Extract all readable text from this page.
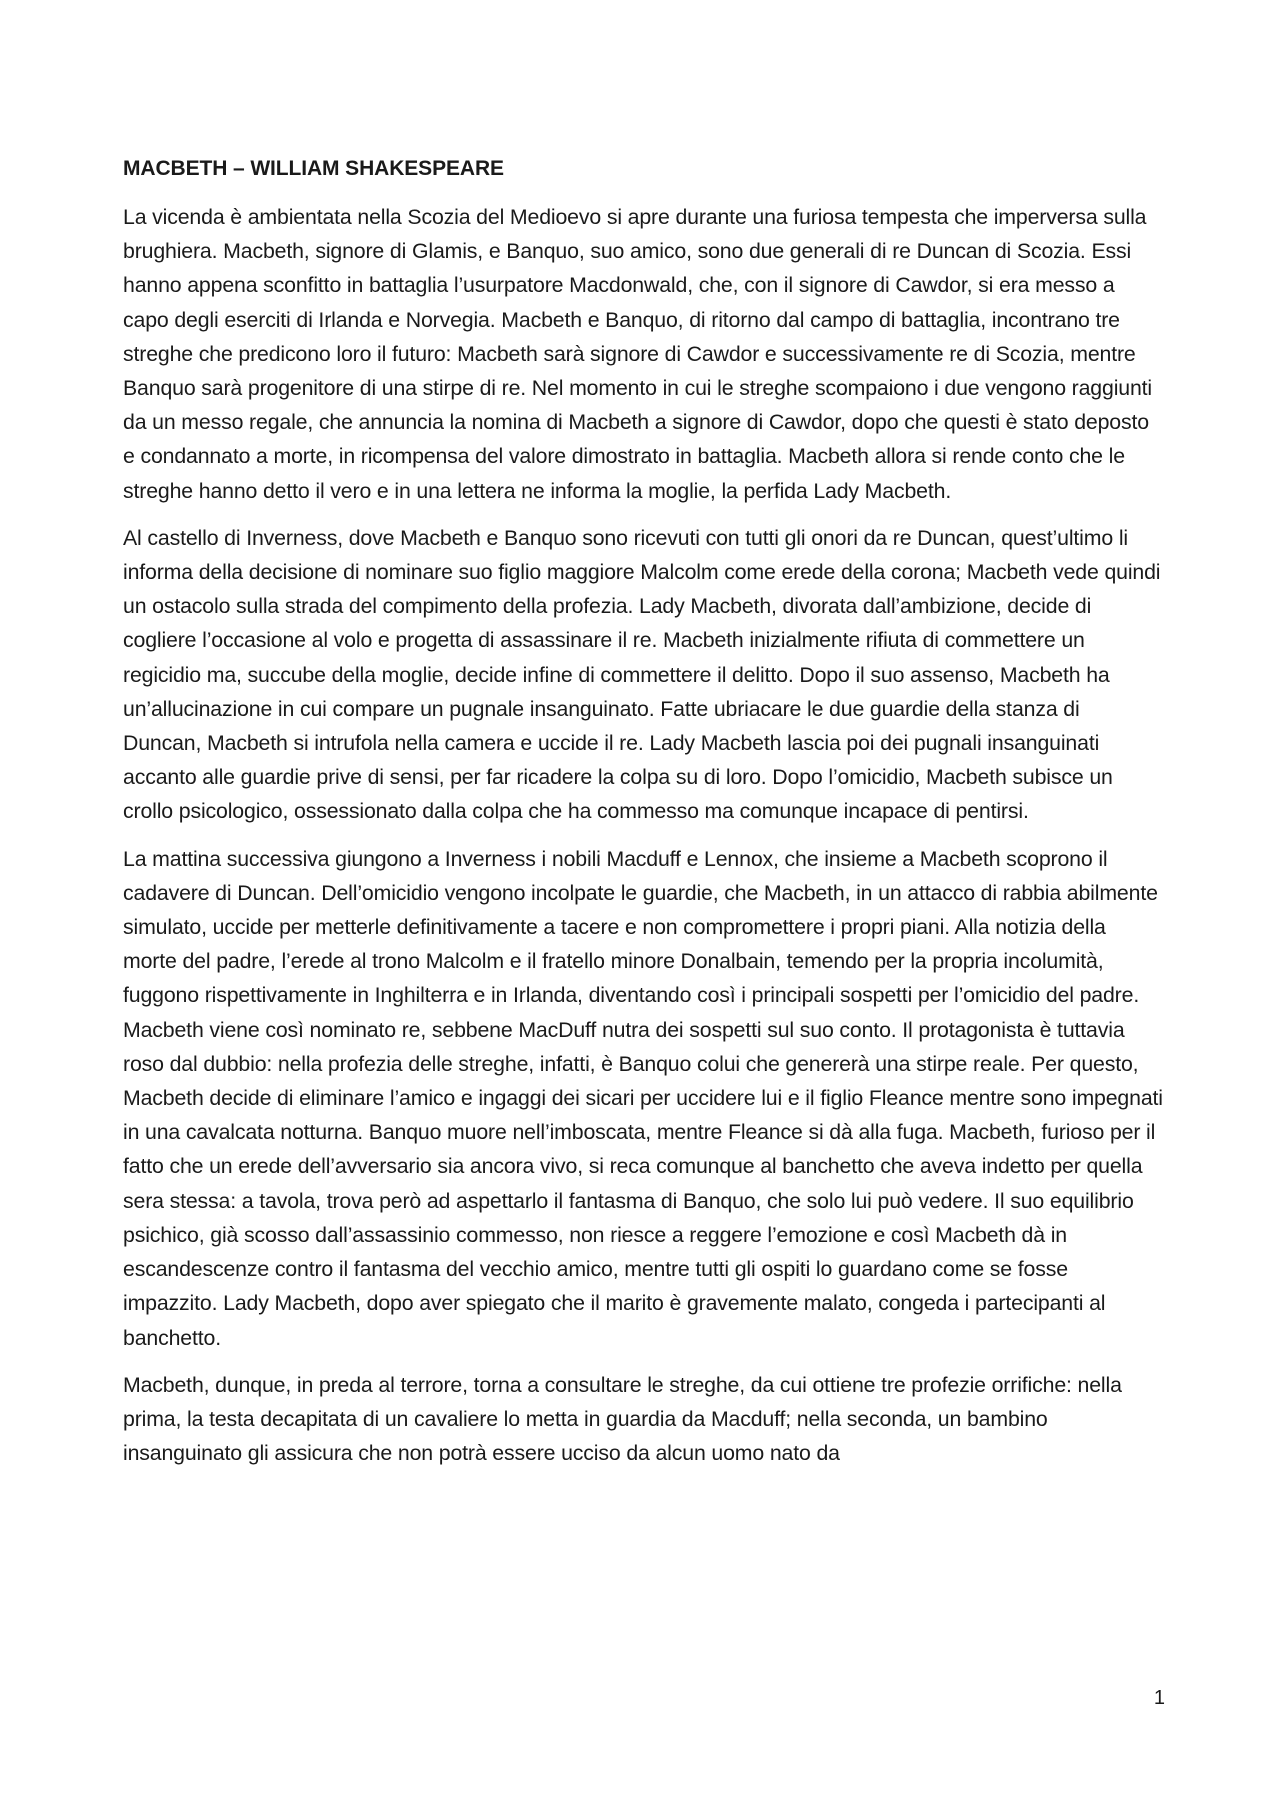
MACBETH – WILLIAM SHAKESPEARE

La vicenda è ambientata nella Scozia del Medioevo si apre durante una furiosa tempesta che imperversa sulla brughiera. Macbeth, signore di Glamis, e Banquo, suo amico, sono due generali di re Duncan di Scozia. Essi hanno appena sconfitto in battaglia l’usurpatore Macdonwald, che, con il signore di Cawdor, si era messo a capo degli eserciti di Irlanda e Norvegia. Macbeth e Banquo, di ritorno dal campo di battaglia, incontrano tre streghe che predicono loro il futuro: Macbeth sarà signore di Cawdor e successivamente re di Scozia, mentre Banquo sarà progenitore di una stirpe di re. Nel momento in cui le streghe scompaiono i due vengono raggiunti da un messo regale, che annuncia la nomina di Macbeth a signore di Cawdor, dopo che questi è stato deposto e condannato a morte, in ricompensa del valore dimostrato in battaglia. Macbeth allora si rende conto che le streghe hanno detto il vero e in una lettera ne informa la moglie, la perfida Lady Macbeth.

Al castello di Inverness, dove Macbeth e Banquo sono ricevuti con tutti gli onori da re Duncan, quest’ultimo li informa della decisione di nominare suo figlio maggiore Malcolm come erede della corona; Macbeth vede quindi un ostacolo sulla strada del compimento della profezia. Lady Macbeth, divorata dall’ambizione, decide di cogliere l’occasione al volo e progetta di assassinare il re. Macbeth inizialmente rifiuta di commettere un regicidio ma, succube della moglie, decide infine di commettere il delitto. Dopo il suo assenso, Macbeth ha un’allucinazione in cui compare un pugnale insanguinato. Fatte ubriacare le due guardie della stanza di Duncan, Macbeth si intrufola nella camera e uccide il re. Lady Macbeth lascia poi dei pugnali insanguinati accanto alle guardie prive di sensi, per far ricadere la colpa su di loro. Dopo l’omicidio, Macbeth subisce un crollo psicologico, ossessionato dalla colpa che ha commesso ma comunque incapace di pentirsi.

La mattina successiva giungono a Inverness i nobili Macduff e Lennox, che insieme a Macbeth scoprono il cadavere di Duncan. Dell’omicidio vengono incolpate le guardie, che Macbeth, in un attacco di rabbia abilmente simulato, uccide per metterle definitivamente a tacere e non compromettere i propri piani. Alla notizia della morte del padre, l’erede al trono Malcolm e il fratello minore Donalbain, temendo per la propria incolumità, fuggono rispettivamente in Inghilterra e in Irlanda, diventando così i principali sospetti per l’omicidio del padre. Macbeth viene così nominato re, sebbene MacDuff nutra dei sospetti sul suo conto. Il protagonista è tuttavia roso dal dubbio: nella profezia delle streghe, infatti, è Banquo colui che genererà una stirpe reale. Per questo, Macbeth decide di eliminare l’amico e ingaggi dei sicari per uccidere lui e il figlio Fleance mentre sono impegnati in una cavalcata notturna. Banquo muore nell’imboscata, mentre Fleance si dà alla fuga. Macbeth, furioso per il fatto che un erede dell’avversario sia ancora vivo, si reca comunque al banchetto che aveva indetto per quella sera stessa: a tavola, trova però ad aspettarlo il fantasma di Banquo, che solo lui può vedere. Il suo equilibrio psichico, già scosso dall’assassinio commesso, non riesce a reggere l’emozione e così Macbeth dà in escandescenze contro il fantasma del vecchio amico, mentre tutti gli ospiti lo guardano come se fosse impazzito. Lady Macbeth, dopo aver spiegato che il marito è gravemente malato, congeda i partecipanti al banchetto.

Macbeth, dunque, in preda al terrore, torna a consultare le streghe, da cui ottiene tre profezie orrifiche: nella prima, la testa decapitata di un cavaliere lo metta in guardia da Macduff; nella seconda, un bambino insanguinato gli assicura che non potrà essere ucciso da alcun uomo nato da

1
